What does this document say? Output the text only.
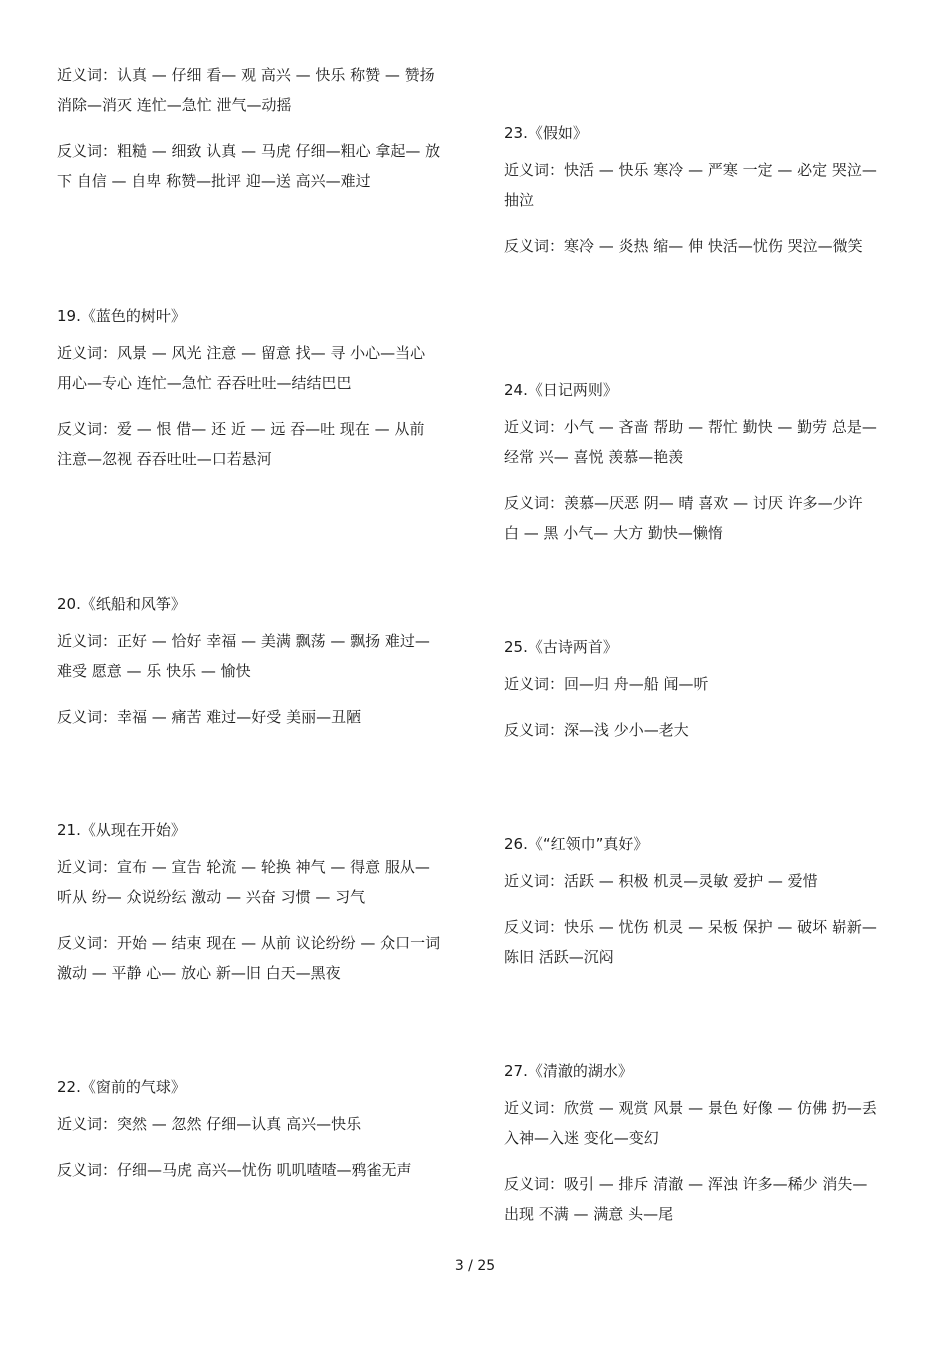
近义词：认真 — 仔细 看— 观 高兴 — 快乐 称赞 — 赞扬 消除—消灭 连忙—急忙 泄气—动摇

反义词：粗糙 — 细致 认真 — 马虎 仔细—粗心 拿起— 放下 自信 — 自卑 称赞—批评 迎—送 高兴—难过

19.《蓝色的树叶》

近义词：风景 — 风光 注意 — 留意 找— 寻 小心—当心 用心—专心 连忙—急忙 吞吞吐吐—结结巴巴

反义词：爱 — 恨 借— 还 近 — 远 吞—吐 现在 — 从前 注意—忽视 吞吞吐吐—口若悬河

20.《纸船和风筝》

近义词：正好 — 恰好 幸福 — 美满 飘荡 — 飘扬 难过— 难受 愿意 — 乐 快乐 — 愉快

反义词：幸福 — 痛苦 难过—好受 美丽—丑陋

21.《从现在开始》

近义词：宣布 — 宣告 轮流 — 轮换 神气 — 得意 服从— 听从 纷— 众说纷纭 激动 — 兴奋 习惯 — 习气

反义词：开始 — 结束 现在 — 从前 议论纷纷 — 众口一词 激动 — 平静 心— 放心 新—旧 白天—黑夜

22.《窗前的气球》

近义词：突然 — 忽然 仔细—认真 高兴—快乐

反义词：仔细—马虎 高兴—忧伤 叽叽喳喳—鸦雀无声

23.《假如》

近义词：快活 — 快乐 寒冷 — 严寒 一定 — 必定 哭泣—抽泣

反义词：寒冷 — 炎热 缩— 伸 快活—忧伤 哭泣—微笑

24.《日记两则》

近义词：小气 — 吝啬 帮助 — 帮忙 勤快 — 勤劳 总是— 经常 兴— 喜悦 羡慕—艳羡

反义词：羡慕—厌恶 阴— 晴 喜欢 — 讨厌 许多—少许 白 — 黑 小气— 大方 勤快—懒惰

25.《古诗两首》

近义词：回—归 舟—船 闻—听

反义词：深—浅 少小—老大

26.《“红领巾”真好》

近义词：活跃 — 积极 机灵—灵敏 爱护 — 爱惜

反义词：快乐 — 忧伤 机灵 — 呆板 保护 — 破坏 崭新— 陈旧 活跃—沉闷

27.《清澈的湖水》

近义词：欣赏 — 观赏 风景 — 景色 好像 — 仿佛 扔—丢 入神—入迷 变化—变幻

反义词：吸引 — 排斥 清澈 — 浑浊 许多—稀少 消失— 出现 不满 — 满意 头—尾

3 / 25
